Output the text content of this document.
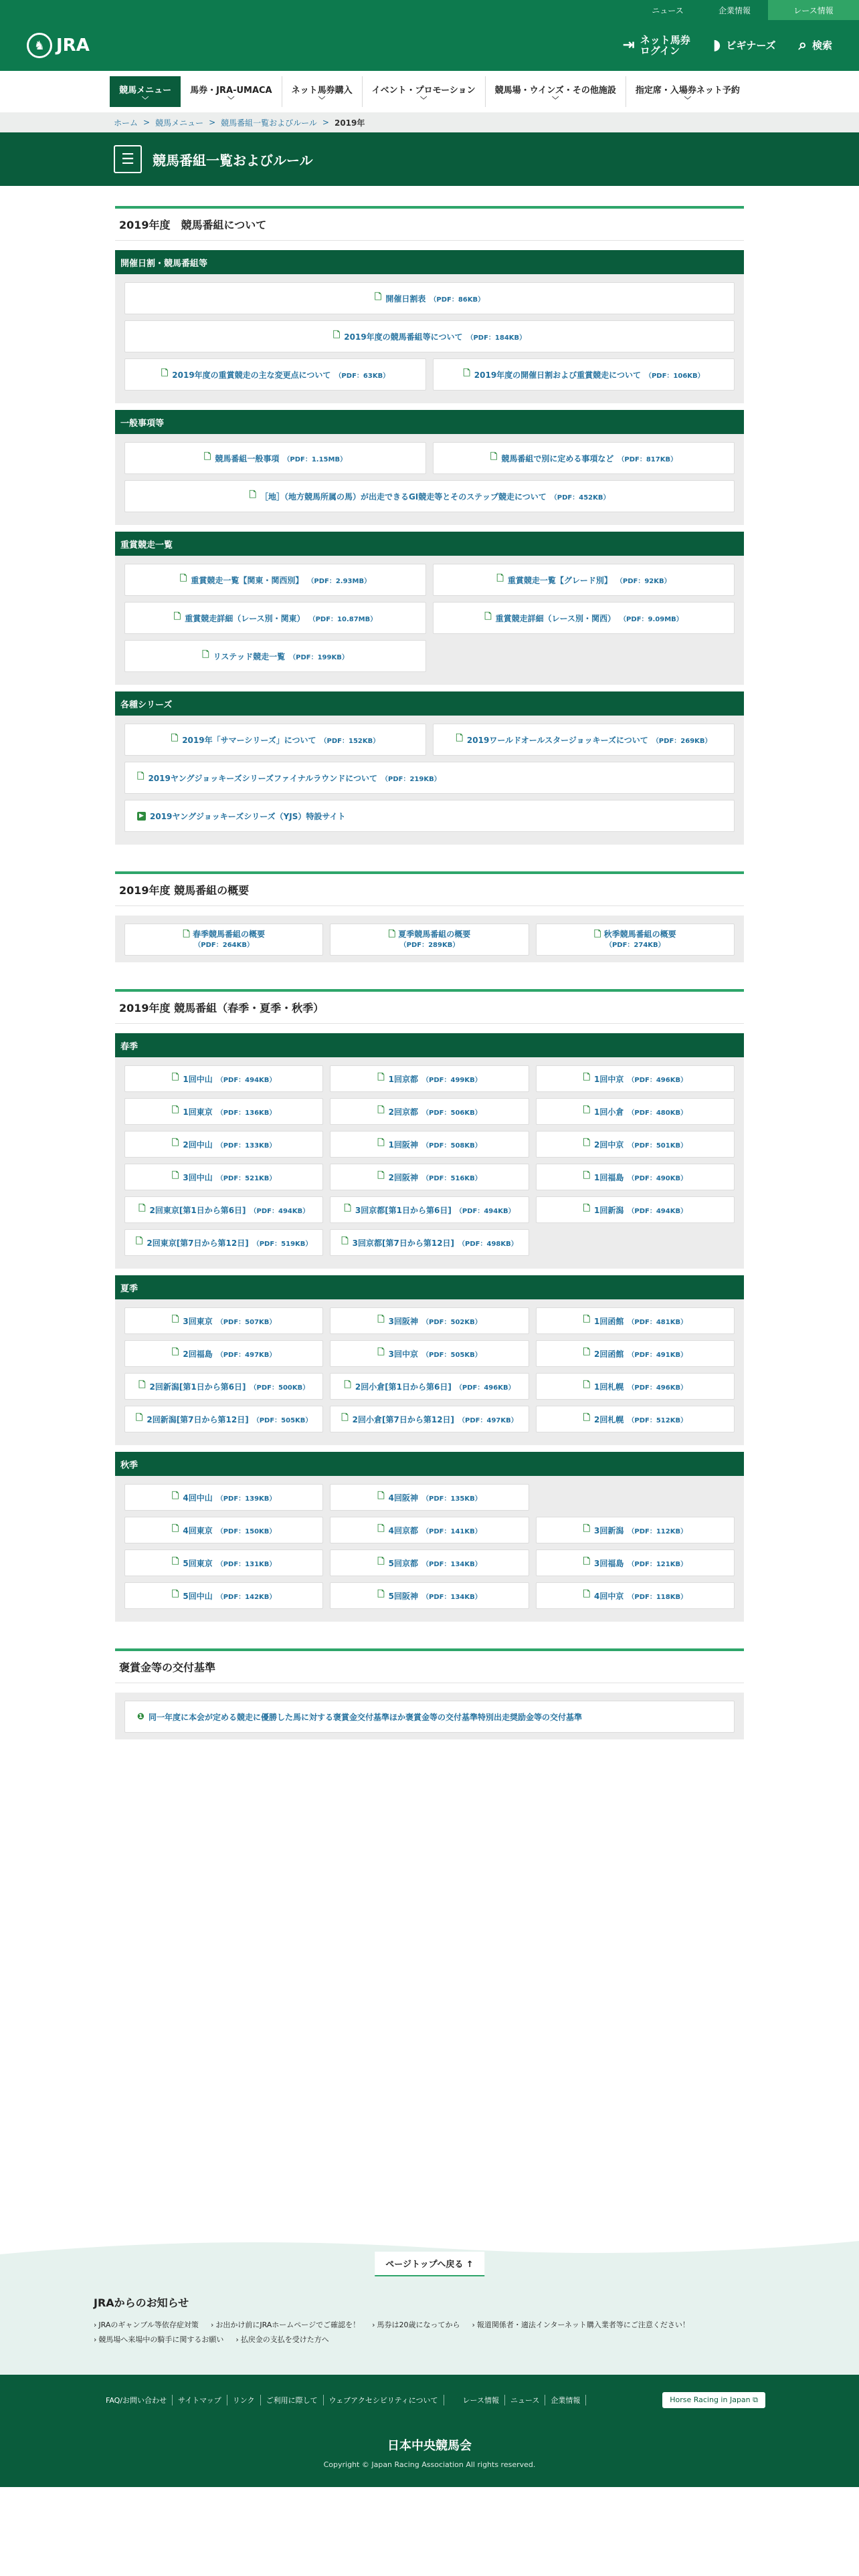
ニュース	企業情報	レース情報
♞ JRA	⇥ ネット馬券
ログイン	◗ ビギナーズ ⌕ 検索
競馬メニュー
﹀
馬券・JRA-UMACA
﹀
ネット馬券購入
﹀
イベント・プロモーション
﹀
競馬場・ウインズ・その他施設
﹀
指定席・入場券ネット予約
﹀
ホーム > 競馬メニュー > 競馬番組一覧およびルール > 2019年
☰	競馬番組一覧およびルール
2019年度　競馬番組について
開催日割・競馬番組等
🗋 開催日割表 （PDF：86KB）
🗋 2019年度の競馬番組等について （PDF：184KB）
🗋 2019年度の重賞競走の主な変更点について （PDF：63KB）	🗋 2019年度の開催日割および重賞競走について （PDF：106KB）
一般事項等
🗋 競馬番組一般事項 （PDF：1.15MB）	🗋 競馬番組で別に定める事項など （PDF：817KB）
🗋 ［地］（地方競馬所属の馬）が出走できるGI競走等とそのステップ競走について （PDF：452KB）
重賞競走一覧
🗋 重賞競走一覧【関東・関西別】 （PDF：2.93MB）	🗋 重賞競走一覧【グレード別】 （PDF：92KB）
🗋 重賞競走詳細（レース別・関東） （PDF：10.87MB）	🗋 重賞競走詳細（レース別・関西） （PDF：9.09MB）
🗋 リステッド競走一覧 （PDF：199KB）
各種シリーズ
🗋 2019年「サマーシリーズ」について （PDF：152KB）	🗋 2019ワールドオールスタージョッキーズについて （PDF：269KB）
🗋 2019ヤングジョッキーズシリーズファイナルラウンドについて （PDF：219KB）
▶ 2019ヤングジョッキーズシリーズ（YJS）特設サイト
2019年度 競馬番組の概要
🗋 春季競馬番組の概要
（PDF：264KB）
🗋 夏季競馬番組の概要
（PDF：289KB）
🗋 秋季競馬番組の概要
（PDF：274KB）
2019年度 競馬番組（春季・夏季・秋季）
春季
🗋 1回中山 （PDF：494KB）	🗋 1回京都 （PDF：499KB）	🗋 1回中京 （PDF：496KB）
🗋 1回東京 （PDF：136KB）	🗋 2回京都 （PDF：506KB）	🗋 1回小倉 （PDF：480KB）
🗋 2回中山 （PDF：133KB）	🗋 1回阪神 （PDF：508KB）	🗋 2回中京 （PDF：501KB）
🗋 3回中山 （PDF：521KB）	🗋 2回阪神 （PDF：516KB）	🗋 1回福島 （PDF：490KB）
🗋 2回東京[第1日から第6日] （PDF：494KB）	🗋 3回京都[第1日から第6日] （PDF：494KB）	🗋 1回新潟 （PDF：494KB）
🗋 2回東京[第7日から第12日] （PDF：519KB）	🗋 3回京都[第7日から第12日] （PDF：498KB）
夏季
🗋 3回東京 （PDF：507KB）	🗋 3回阪神 （PDF：502KB）	🗋 1回函館 （PDF：481KB）
🗋 2回福島 （PDF：497KB）	🗋 3回中京 （PDF：505KB）	🗋 2回函館 （PDF：491KB）
🗋 2回新潟[第1日から第6日] （PDF：500KB）	🗋 2回小倉[第1日から第6日] （PDF：496KB）	🗋 1回札幌 （PDF：496KB）
🗋 2回新潟[第7日から第12日] （PDF：505KB）	🗋 2回小倉[第7日から第12日] （PDF：497KB）	🗋 2回札幌 （PDF：512KB）
秋季
🗋 4回中山 （PDF：139KB）	🗋 4回阪神 （PDF：135KB）
🗋 4回東京 （PDF：150KB）	🗋 4回京都 （PDF：141KB）	🗋 3回新潟 （PDF：112KB）
🗋 5回東京 （PDF：131KB）	🗋 5回京都 （PDF：134KB）	🗋 3回福島 （PDF：121KB）
🗋 5回中山 （PDF：142KB）	🗋 5回阪神 （PDF：134KB）	🗋 4回中京 （PDF：118KB）
褒賞金等の交付基準
❶ 同一年度に本会が定める競走に優勝した馬に対する褒賞金交付基準ほか褒賞金等の交付基準特別出走奨励金等の交付基準
ページトップへ戻る ↑
JRAからのお知らせ
› JRAのギャンブル等依存症対策	› お出かけ前にJRAホームページでご確認を！	› 馬券は20歳になってから	› 報道関係者・適法インターネット購入業者等にご注意ください！
› 競馬場へ来場中の騎手に関するお願い	› 払戻金の支払を受けた方へ
FAQ/お問い合わせ	サイトマップ	リンク	ご利用に際して	ウェブアクセシビリティについて	レース情報	ニュース	企業情報	Horse Racing in Japan ⧉
日本中央競馬会
Copyright © Japan Racing Association All rights reserved.
